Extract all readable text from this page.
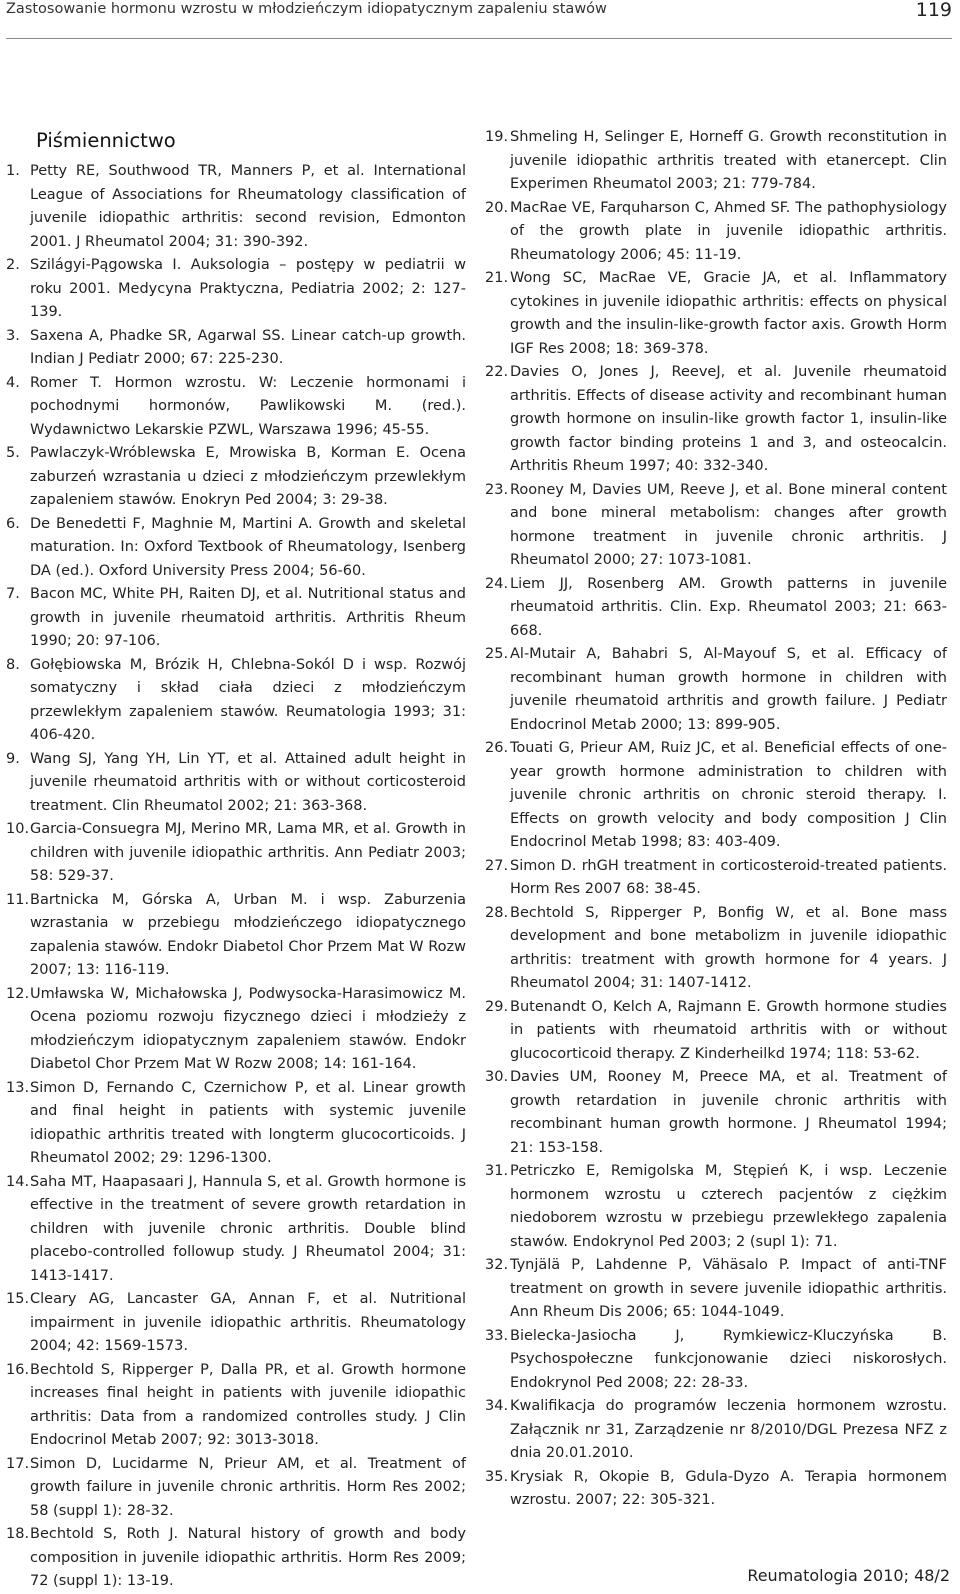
Zastosowanie hormonu wzrostu w młodzieńczym idiopatycznym zapaleniu stawów	119
Piśmiennictwo
1. Petty RE, Southwood TR, Manners P, et al. International League of Associations for Rheumatology classification of juvenile idiopathic arthritis: second revision, Edmonton 2001. J Rheumatol 2004; 31: 390-392.
2. Szilágyi-Pągowska I. Auksologia – postępy w pediatrii w roku 2001. Medycyna Praktyczna, Pediatria 2002; 2: 127-139.
3. Saxena A, Phadke SR, Agarwal SS. Linear catch-up growth. Indian J Pediatr 2000; 67: 225-230.
4. Romer T. Hormon wzrostu. W: Leczenie hormonami i pochodnymi hormonów, Pawlikowski M. (red.). Wydawnictwo Lekarskie PZWL, Warszawa 1996; 45-55.
5. Pawlaczyk-Wróblewska E, Mrowiska B, Korman E. Ocena zaburzeń wzrastania u dzieci z młodzieńczym przewlekłym zapaleniem stawów. Enokryn Ped 2004; 3: 29-38.
6. De Benedetti F, Maghnie M, Martini A. Growth and skeletal maturation. In: Oxford Textbook of Rheumatology, Isenberg DA (ed.). Oxford University Press 2004; 56-60.
7. Bacon MC, White PH, Raiten DJ, et al. Nutritional status and growth in juvenile rheumatoid arthritis. Arthritis Rheum 1990; 20: 97-106.
8. Gołębiowska M, Brózik H, Chlebna-Sokól D i wsp. Rozwój somatyczny i skład ciała dzieci z młodzieńczym przewlekłym zapaleniem stawów. Reumatologia 1993; 31: 406-420.
9. Wang SJ, Yang YH, Lin YT, et al. Attained adult height in juvenile rheumatoid arthritis with or without corticosteroid treatment. Clin Rheumatol 2002; 21: 363-368.
10. Garcia-Consuegra MJ, Merino MR, Lama MR, et al. Growth in children with juvenile idiopathic arthritis. Ann Pediatr 2003; 58: 529-37.
11. Bartnicka M, Górska A, Urban M. i wsp. Zaburzenia wzrastania w przebiegu młodzieńczego idiopatycznego zapalenia stawów. Endokr Diabetol Chor Przem Mat W Rozw 2007; 13: 116-119.
12. Umławska W, Michałowska J, Podwysocka-Harasimowicz M. Ocena poziomu rozwoju fizycznego dzieci i młodzieży z młodzieńczym idiopatycznym zapaleniem stawów. Endokr Diabetol Chor Przem Mat W Rozw 2008; 14: 161-164.
13. Simon D, Fernando C, Czernichow P, et al. Linear growth and final height in patients with systemic juvenile idiopathic arthritis treated with longterm glucocorticoids. J Rheumatol 2002; 29: 1296-1300.
14. Saha MT, Haapasaari J, Hannula S, et al. Growth hormone is effective in the treatment of severe growth retardation in children with juvenile chronic arthritis. Double blind placebo-controlled followup study. J Rheumatol 2004; 31: 1413-1417.
15. Cleary AG, Lancaster GA, Annan F, et al. Nutritional impairment in juvenile idiopathic arthritis. Rheumatology 2004; 42: 1569-1573.
16. Bechtold S, Ripperger P, Dalla PR, et al. Growth hormone increases final height in patients with juvenile idiopathic arthritis: Data from a randomized controlles study. J Clin Endocrinol Metab 2007; 92: 3013-3018.
17. Simon D, Lucidarme N, Prieur AM, et al. Treatment of growth failure in juvenile chronic arthritis. Horm Res 2002; 58 (suppl 1): 28-32.
18. Bechtold S, Roth J. Natural history of growth and body composition in juvenile idiopathic arthritis. Horm Res 2009; 72 (suppl 1): 13-19.
19. Shmeling H, Selinger E, Horneff G. Growth reconstitution in juvenile idiopathic arthritis treated with etanercept. Clin Experimen Rheumatol 2003; 21: 779-784.
20. MacRae VE, Farquharson C, Ahmed SF. The pathophysiology of the growth plate in juvenile idiopathic arthritis. Rheumatology 2006; 45: 11-19.
21. Wong SC, MacRae VE, Gracie JA, et al. Inflammatory cytokines in juvenile idiopathic arthritis: effects on physical growth and the insulin-like-growth factor axis. Growth Horm IGF Res 2008; 18: 369-378.
22. Davies O, Jones J, ReeveJ, et al. Juvenile rheumatoid arthritis. Effects of disease activity and recombinant human growth hormone on insulin-like growth factor 1, insulin-like growth factor binding proteins 1 and 3, and osteocalcin. Arthritis Rheum 1997; 40: 332-340.
23. Rooney M, Davies UM, Reeve J, et al. Bone mineral content and bone mineral metabolism: changes after growth hormone treatment in juvenile chronic arthritis. J Rheumatol 2000; 27: 1073-1081.
24. Liem JJ, Rosenberg AM. Growth patterns in juvenile rheumatoid arthritis. Clin. Exp. Rheumatol 2003; 21: 663-668.
25. Al-Mutair A, Bahabri S, Al-Mayouf S, et al. Efficacy of recombinant human growth hormone in children with juvenile rheumatoid arthritis and growth failure. J Pediatr Endocrinol Metab 2000; 13: 899-905.
26. Touati G, Prieur AM, Ruiz JC, et al. Beneficial effects of one-year growth hormone administration to children with juvenile chronic arthritis on chronic steroid therapy. I. Effects on growth velocity and body composition J Clin Endocrinol Metab 1998; 83: 403-409.
27. Simon D. rhGH treatment in corticosteroid-treated patients. Horm Res 2007 68: 38-45.
28. Bechtold S, Ripperger P, Bonfig W, et al. Bone mass development and bone metabolizm in juvenile idiopathic arthritis: treatment with growth hormone for 4 years. J Rheumatol 2004; 31: 1407-1412.
29. Butenandt O, Kelch A, Rajmann E. Growth hormone studies in patients with rheumatoid arthritis with or without glucocorticoid therapy. Z Kinderheilkd 1974; 118: 53-62.
30. Davies UM, Rooney M, Preece MA, et al. Treatment of growth retardation in juvenile chronic arthritis with recombinant human growth hormone. J Rheumatol 1994; 21: 153-158.
31. Petriczko E, Remigolska M, Stępień K, i wsp. Leczenie hormonem wzrostu u czterech pacjentów z ciężkim niedoborem wzrostu w przebiegu przewlekłego zapalenia stawów. Endokrynol Ped 2003; 2 (supl 1): 71.
32. Tynjälä P, Lahdenne P, Vähäsalo P. Impact of anti-TNF treatment on growth in severe juvenile idiopathic arthritis. Ann Rheum Dis 2006; 65: 1044-1049.
33. Bielecka-Jasiocha J, Rymkiewicz-Kluczyńska B. Psychospołeczne funkcjonowanie dzieci niskorosłych. Endokrynol Ped 2008; 22: 28-33.
34. Kwalifikacja do programów leczenia hormonem wzrostu. Załącznik nr 31, Zarządzenie nr 8/2010/DGL Prezesa NFZ z dnia 20.01.2010.
35. Krysiak R, Okopie B, Gdula-Dyzo A. Terapia hormonem wzrostu. 2007; 22: 305-321.
Reumatologia 2010; 48/2
